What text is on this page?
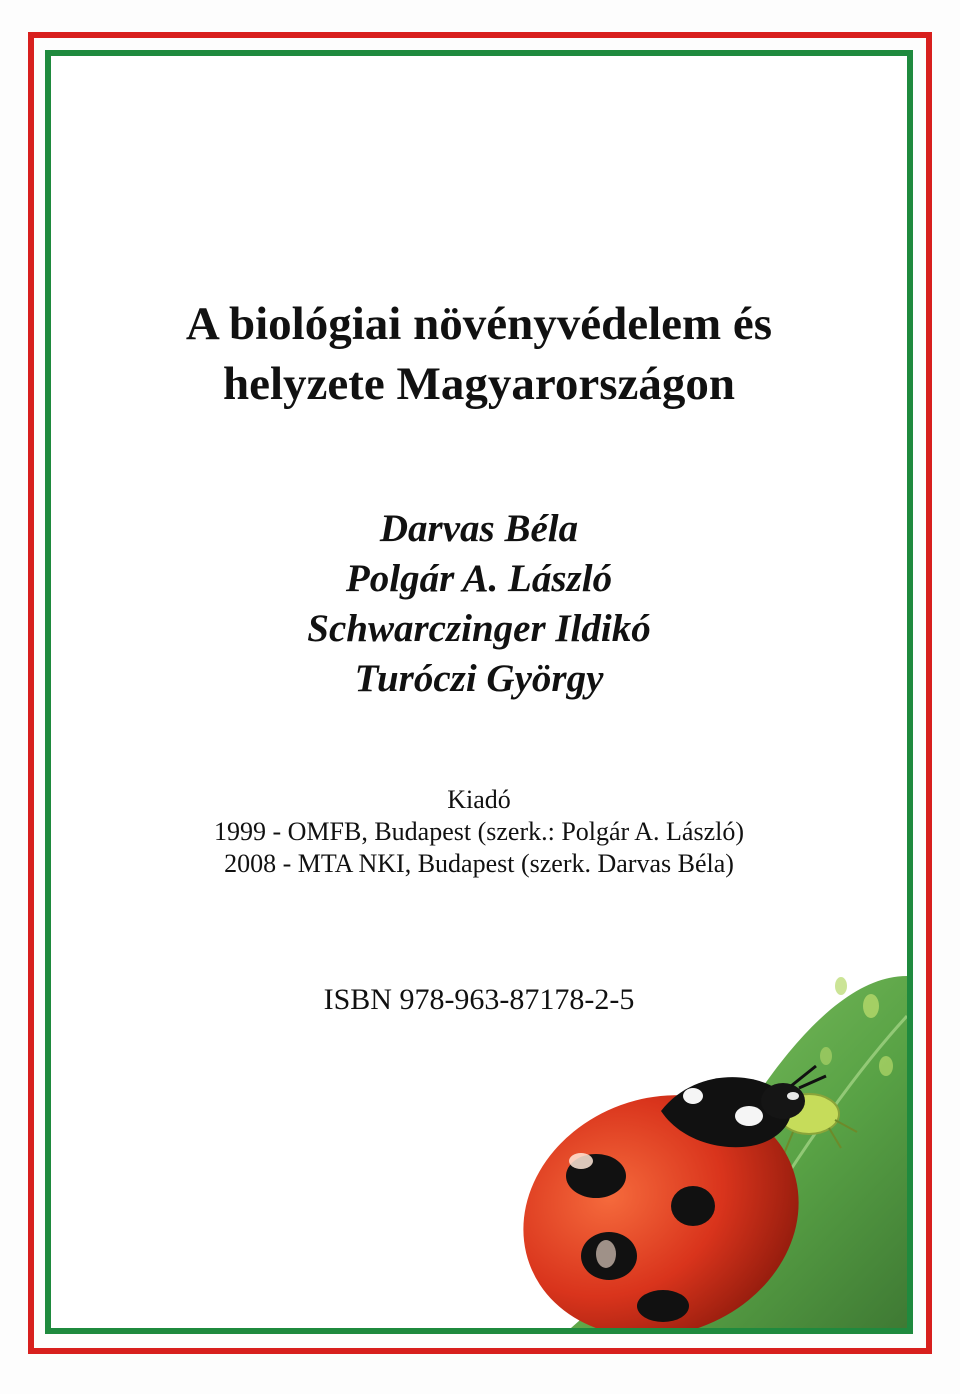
A biológiai növényvédelem és
helyzete Magyarországon
Darvas Béla
Polgár A. László
Schwarczinger Ildikó
Turóczi György
Kiadó
1999 - OMFB, Budapest (szerk.: Polgár A. László)
2008 - MTA NKI, Budapest (szerk. Darvas Béla)
ISBN 978-963-87178-2-5
